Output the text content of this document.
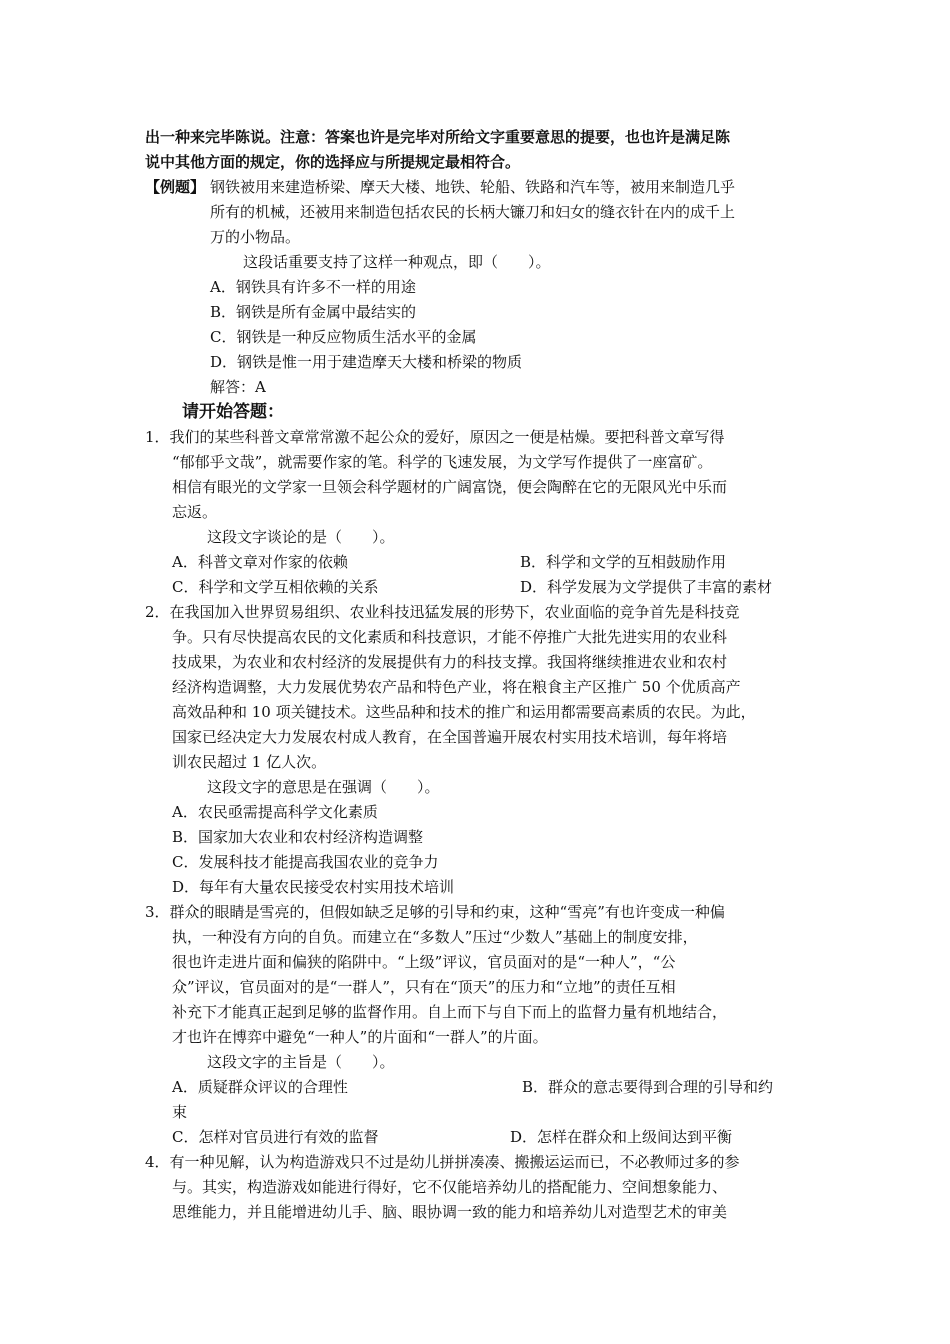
出一种来完毕陈说。注意：答案也许是完毕对所给文字重要意思的提要，也也许是满足陈
说中其他方面的规定，你的选择应与所提规定最相符合。
【例题】 钢铁被用来建造桥梁、摩天大楼、地铁、轮船、铁路和汽车等，被用来制造几乎
所有的机械，还被用来制造包括农民的长柄大镰刀和妇女的缝衣针在内的成千上
万的小物品。
这段话重要支持了这样一种观点，即（　　）。
A．钢铁具有许多不一样的用途
B．钢铁是所有金属中最结实的
C．钢铁是一种反应物质生活水平的金属
D．钢铁是惟一用于建造摩天大楼和桥梁的物质
解答：A
请开始答题：
1．我们的某些科普文章常常激不起公众的爱好，原因之一便是枯燥。要把科普文章写得
“郁郁乎文哉”，就需要作家的笔。科学的飞速发展，为文学写作提供了一座富矿。
相信有眼光的文学家一旦领会科学题材的广阔富饶，便会陶醉在它的无限风光中乐而
忘返。
这段文字谈论的是（　　）。
A．科普文章对作家的依赖	B．科学和文学的互相鼓励作用
C．科学和文学互相依赖的关系	D．科学发展为文学提供了丰富的素材
2．在我国加入世界贸易组织、农业科技迅猛发展的形势下，农业面临的竞争首先是科技竞
争。只有尽快提高农民的文化素质和科技意识，才能不停推广大批先进实用的农业科
技成果，为农业和农村经济的发展提供有力的科技支撑。我国将继续推进农业和农村
经济构造调整，大力发展优势农产品和特色产业，将在粮食主产区推广 50 个优质高产
高效品种和 10 项关键技术。这些品种和技术的推广和运用都需要高素质的农民。为此，
国家已经决定大力发展农村成人教育，在全国普遍开展农村实用技术培训，每年将培
训农民超过 1 亿人次。
这段文字的意思是在强调（　　）。
A．农民亟需提高科学文化素质
B．国家加大农业和农村经济构造调整
C．发展科技才能提高我国农业的竞争力
D．每年有大量农民接受农村实用技术培训
3．群众的眼睛是雪亮的，但假如缺乏足够的引导和约束，这种“雪亮”有也许变成一种偏
执，一种没有方向的自负。而建立在“多数人”压过“少数人”基础上的制度安排，
很也许走进片面和偏狭的陷阱中。“上级”评议，官员面对的是“一种人”，“公
众”评议，官员面对的是“一群人”，只有在“顶天”的压力和“立地”的责任互相
补充下才能真正起到足够的监督作用。自上而下与自下而上的监督力量有机地结合，
才也许在博弈中避免“一种人”的片面和“一群人”的片面。
这段文字的主旨是（　　）。
A．质疑群众评议的合理性	B．群众的意志要得到合理的引导和约
束
C．怎样对官员进行有效的监督	D．怎样在群众和上级间达到平衡
4．有一种见解，认为构造游戏只不过是幼儿拼拼凑凑、搬搬运运而已，不必教师过多的参
与。其实，构造游戏如能进行得好，它不仅能培养幼儿的搭配能力、空间想象能力、
思维能力，并且能增进幼儿手、脑、眼协调一致的能力和培养幼儿对造型艺术的审美
